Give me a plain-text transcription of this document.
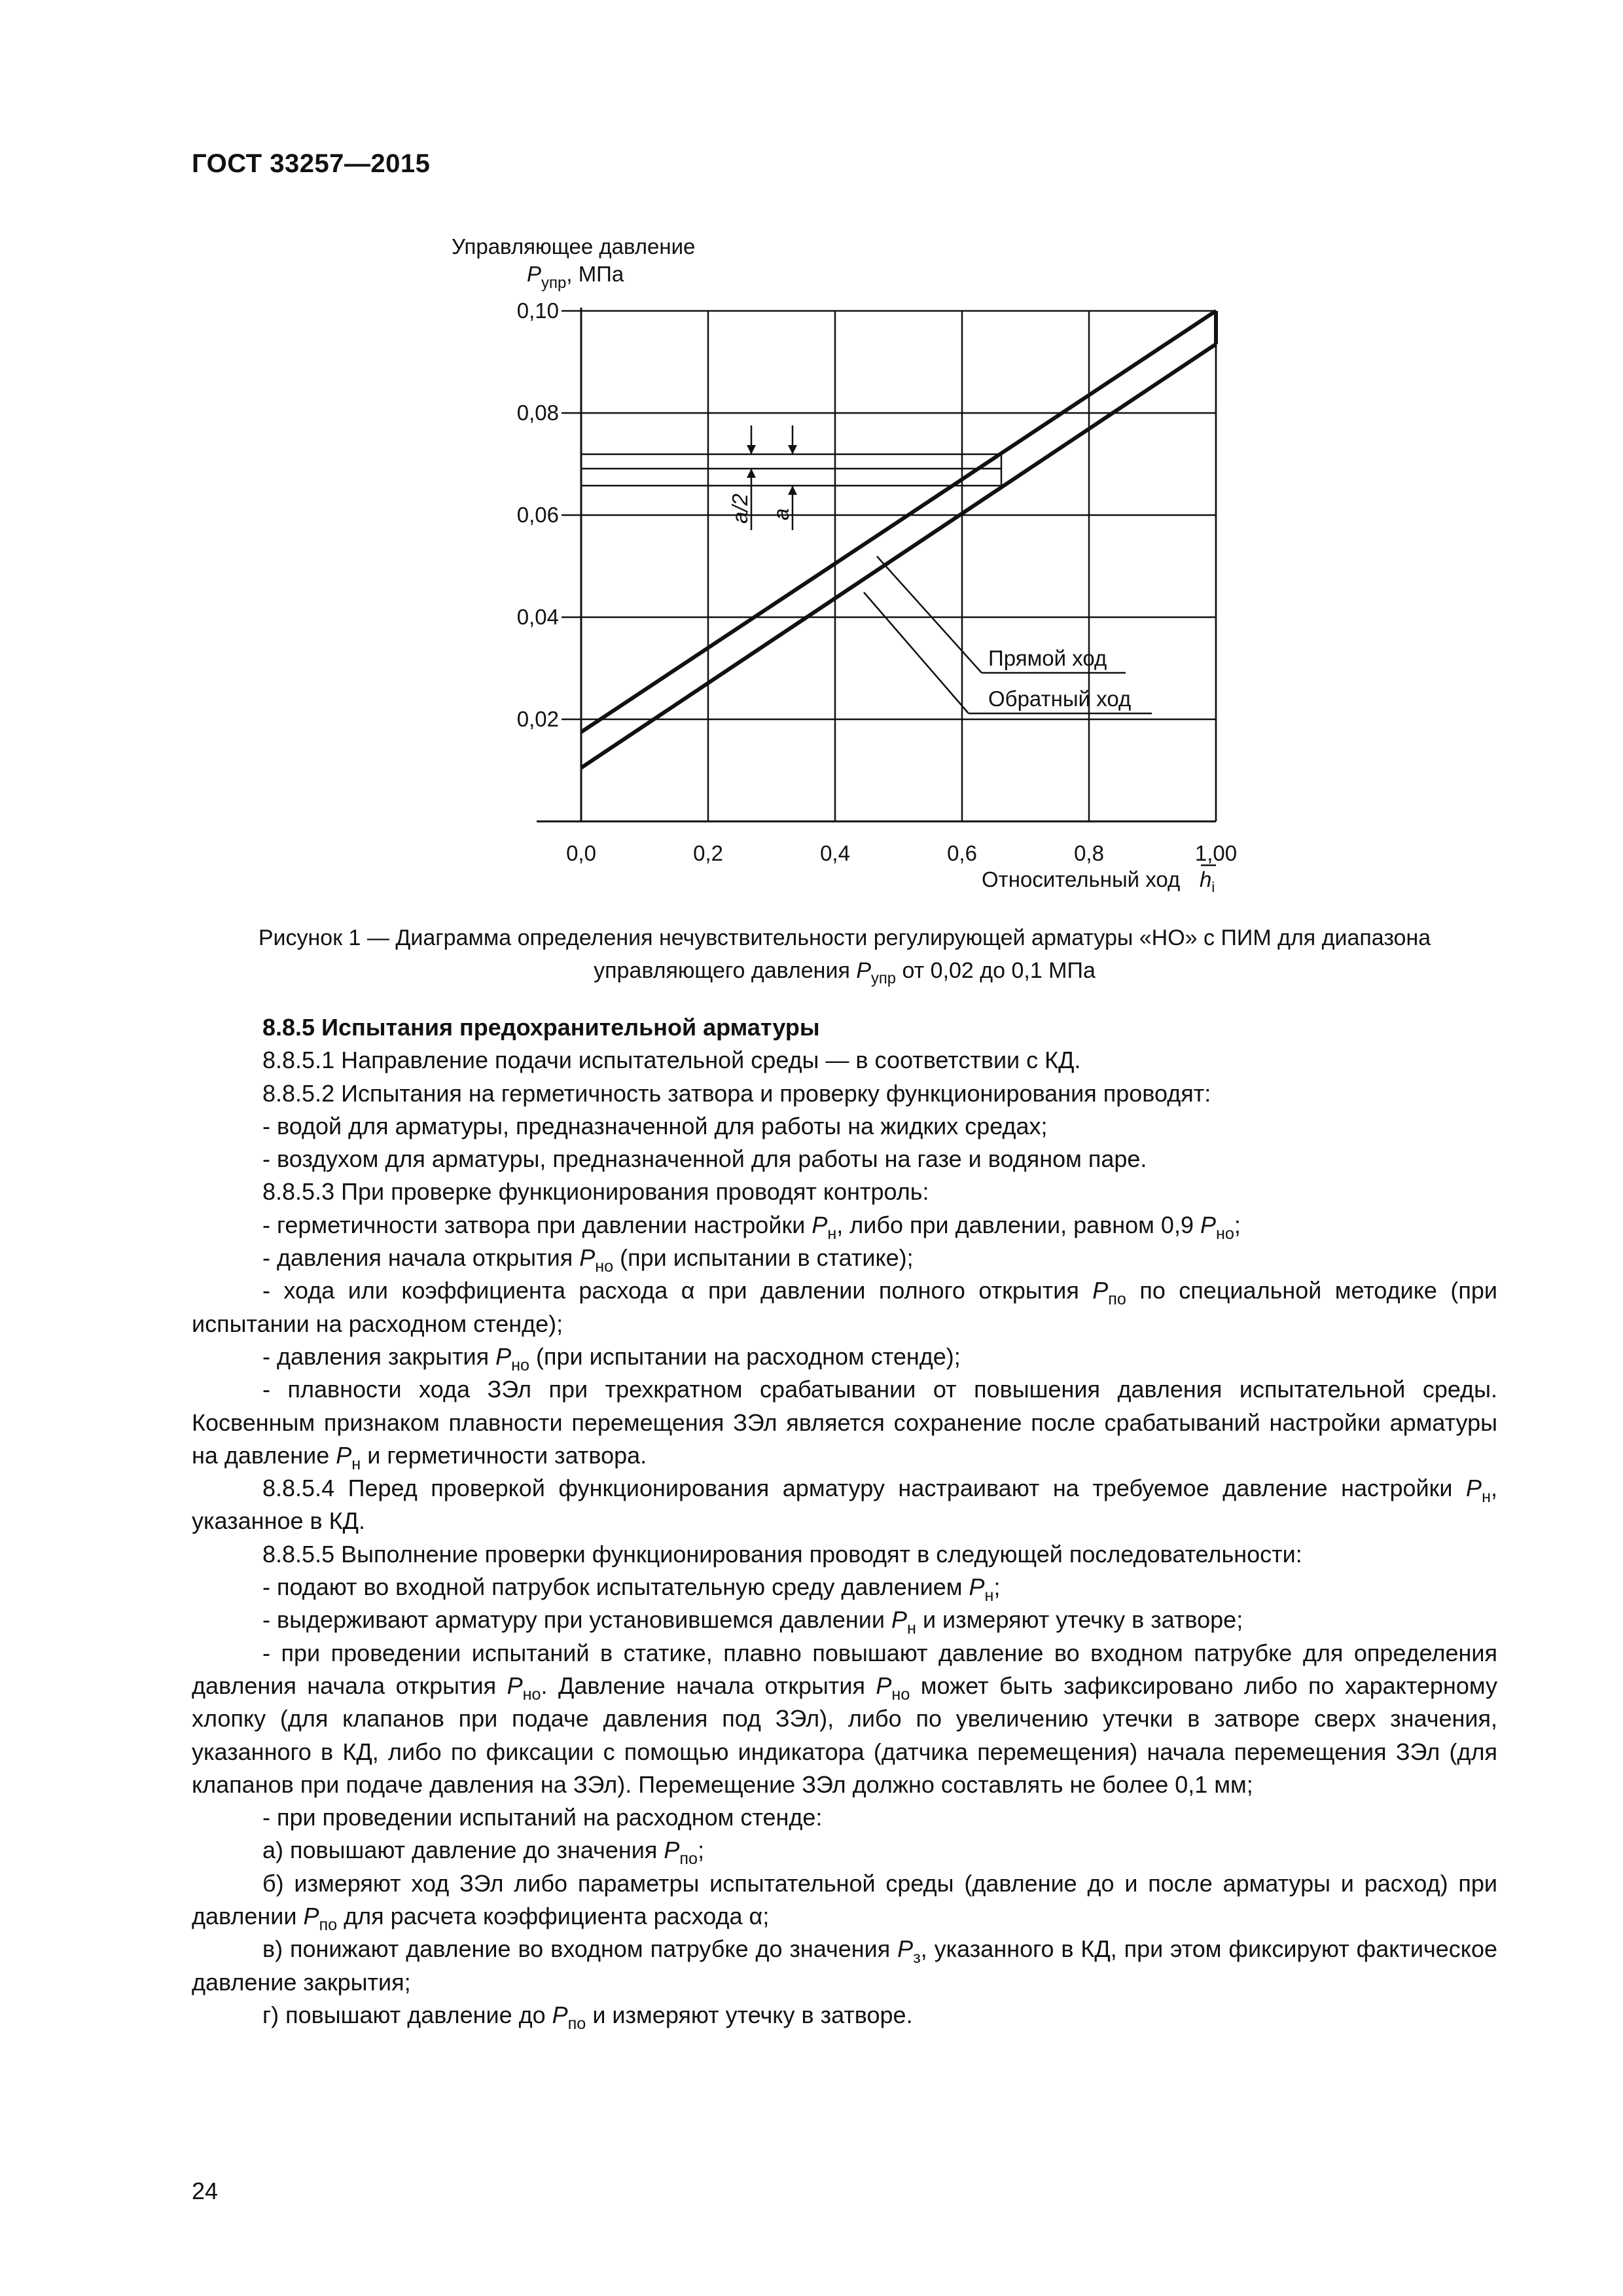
ГОСТ 33257—2015
0,0	0,2	0,4	0,6	0,8	1,00
0,02
0,04
0,06
0,08
0,10
a/2 a
Прямой ход
Обратный ход
Управляющее давление
$P_{упр}$, МПа
Относительный ход $h_i$
Рисунок 1 — Диаграмма определения нечувствительности регулирующей арматуры «НО» с ПИМ для диапазона
управляющего давления $P_{упр}$ от 0,02 до 0,1 МПа

8.8.5 Испытания предохранительной арматуры

8.8.5.1 Направление подачи испытательной среды — в соответствии с КД.

8.8.5.2 Испытания на герметичность затвора и проверку функционирования проводят:

- водой для арматуры, предназначенной для работы на жидких средах;

- воздухом для арматуры, предназначенной для работы на газе и водяном паре.

8.8.5.3 При проверке функционирования проводят контроль:

- герметичности затвора при давлении настройки $P_н$, либо при давлении, равном 0,9 $P_{но}$;

- давления начала открытия $P_{но}$ (при испытании в статике);

- хода или коэффициента расхода α при давлении полного открытия $P_{по}$ по специальной методике (при испытании на расходном стенде);

- давления закрытия $P_{но}$ (при испытании на расходном стенде);

- плавности хода ЗЭл при трехкратном срабатывании от повышения давления испытательной среды. Косвенным признаком плавности перемещения ЗЭл является сохранение после срабатываний настройки арматуры на давление $P_н$ и герметичности затвора.

8.8.5.4 Перед проверкой функционирования арматуру настраивают на требуемое давление настройки $P_н$, указанное в КД.

8.8.5.5 Выполнение проверки функционирования проводят в следующей последовательности:

- подают во входной патрубок испытательную среду давлением $P_н$;

- выдерживают арматуру при установившемся давлении $P_н$ и измеряют утечку в затворе;

- при проведении испытаний в статике, плавно повышают давление во входном патрубке для определения давления начала открытия $P_{но}$. Давление начала открытия $P_{но}$ может быть зафиксировано либо по характерному хлопку (для клапанов при подаче давления под ЗЭл), либо по увеличению утечки в затворе сверх значения, указанного в КД, либо по фиксации с помощью индикатора (датчика перемещения) начала перемещения ЗЭл (для клапанов при подаче давления на ЗЭл). Перемещение ЗЭл должно составлять не более 0,1 мм;

- при проведении испытаний на расходном стенде:

а) повышают давление до значения $P_{по}$;

б) измеряют ход ЗЭл либо параметры испытательной среды (давление до и после арматуры и расход) при давлении $P_{по}$ для расчета коэффициента расхода α;

в) понижают давление во входном патрубке до значения $P_з$, указанного в КД, при этом фиксируют фактическое давление закрытия;

г) повышают давление до $P_{по}$ и измеряют утечку в затворе.

24
